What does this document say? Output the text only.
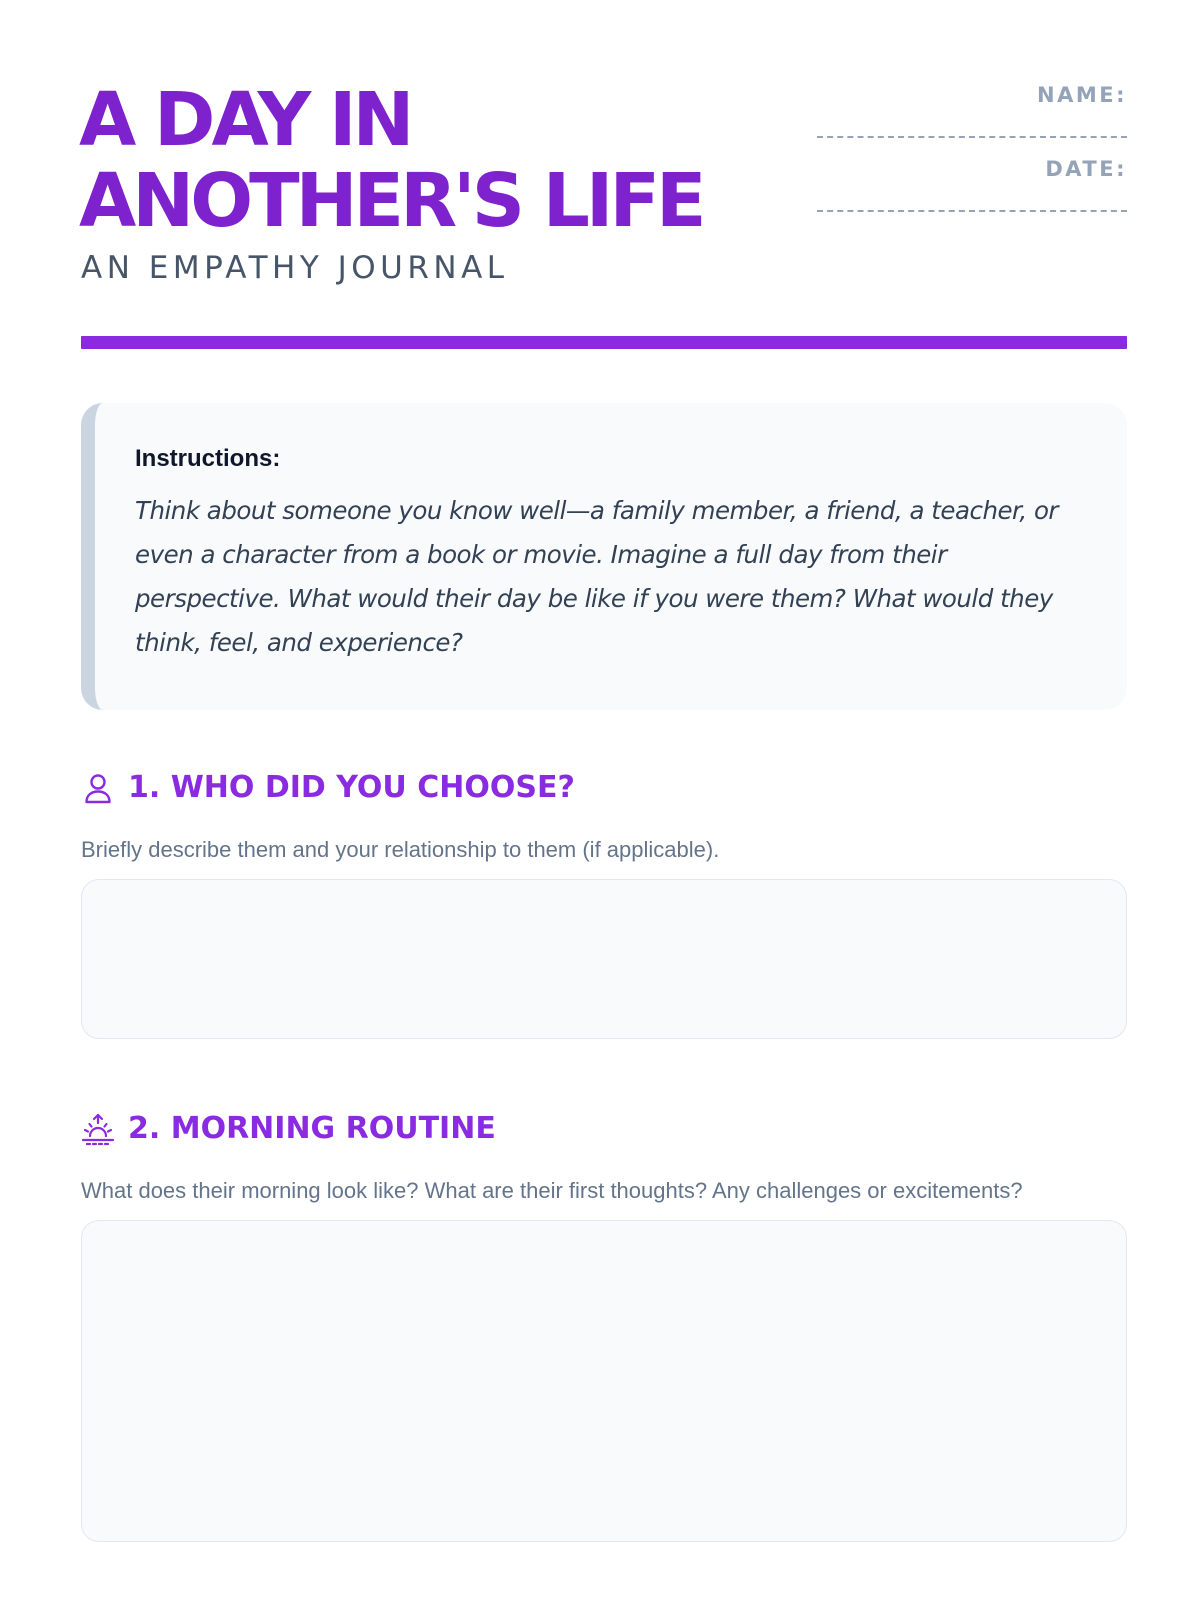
A DAY IN
ANOTHER'S LIFE
AN EMPATHY JOURNAL
NAME:
DATE:
Instructions:
Think about someone you know well—a family member, a friend, a teacher, or even a character from a book or movie. Imagine a full day from their perspective. What would their day be like if you were them? What would they think, feel, and experience?
1. WHO DID YOU CHOOSE?
Briefly describe them and your relationship to them (if applicable).
2. MORNING ROUTINE
What does their morning look like? What are their first thoughts? Any challenges or excitements?
